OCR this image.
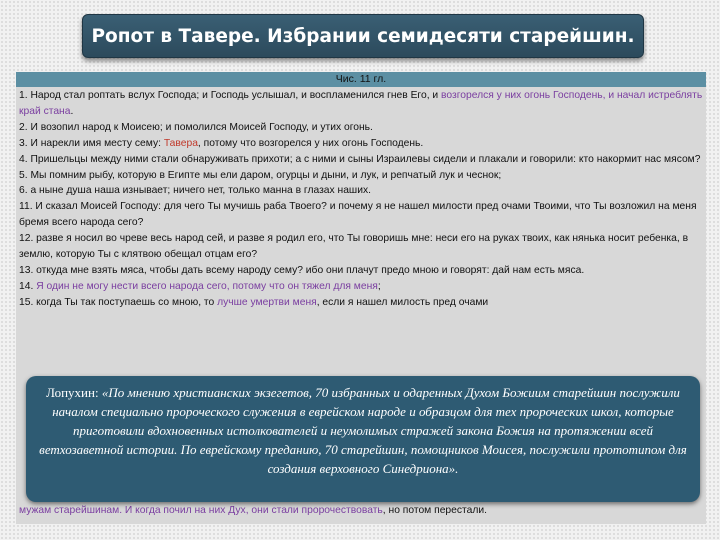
Ропот в Тавере. Избрании семидесяти старейшин.
Чис. 11 гл.
1. Народ стал роптать вслух Господа; и Господь услышал, и воспламенился гнев Его, и возгорелся у них огонь Господень, и начал истреблять край стана.
2. И возопил народ к Моисею; и помолился Моисей Господу, и утих огонь.
3. И нарекли имя месту сему: Тавера, потому что возгорелся у них огонь Господень.
4. Пришельцы между ними стали обнаруживать прихоти; а с ними и сыны Израилевы сидели и плакали и говорили: кто накормит нас мясом?
5. Мы помним рыбу, которую в Египте мы ели даром, огурцы и дыни, и лук, и репчатый лук и чеснок;
6. а ныне душа наша изнывает; ничего нет, только манна в глазах наших.
11. И сказал Моисей Господу: для чего Ты мучишь раба Твоего? и почему я не нашел милости пред очами Твоими, что Ты возложил на меня бремя всего народа сего?
12. разве я носил во чреве весь народ сей, и разве я родил его, что Ты говоришь мне: неси его на руках твоих, как нянька носит ребенка, в землю, которую Ты с клятвою обещал отцам его?
13. откуда мне взять мяса, чтобы дать всему народу сему? ибо они плачут предо мною и говорят: дай нам есть мяса.
14. Я один не могу нести всего народа сего, потому что он тяжел для меня;
15. когда Ты так поступаешь со мною, то лучше умертви меня, если я нашел милость пред очами
мужам старейшинам. И когда почил на них Дух, они стали пророчествовать, но потом перестали.
Лопухин: «По мнению христианских экзегетов, 70 избранных и одаренных Духом Божиим старейшин послужили началом специально пророческого служения в еврейском народе и образцом для тех пророческих школ, которые приготовили вдохновенных истолкователей и неумолимых стражей закона Божия на протяжении всей ветхозаветной истории. По еврейскому преданию, 70 старейшин, помощников Моисея, послужили прототипом для создания верховного Синедриона».
